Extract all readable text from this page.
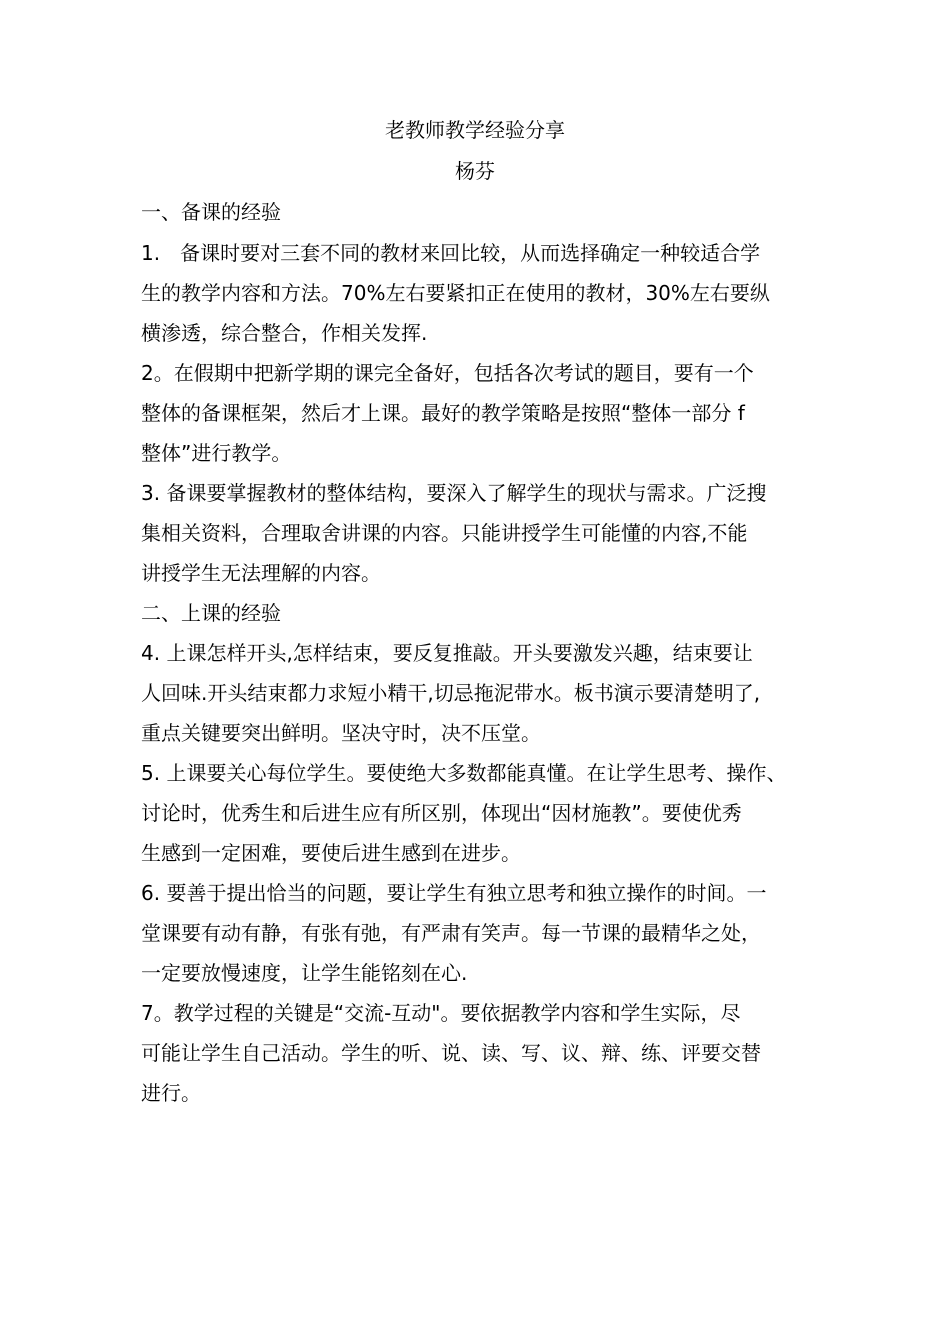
老教师教学经验分享
杨芬
一、备课的经验
1.　备课时要对三套不同的教材来回比较，从而选择确定一种较适合学
生的教学内容和方法。70%左右要紧扣正在使用的教材，30%左右要纵
横渗透，综合整合，作相关发挥.
2。在假期中把新学期的课完全备好，包括各次考试的题目，要有一个
整体的备课框架，然后才上课。最好的教学策略是按照“整体一部分 f
整体”进行教学。
3. 备课要掌握教材的整体结构，要深入了解学生的现状与需求。广泛搜
集相关资料，合理取舍讲课的内容。只能讲授学生可能懂的内容,不能
讲授学生无法理解的内容。
二、上课的经验
4. 上课怎样开头,怎样结束，要反复推敲。开头要激发兴趣，结束要让
人回味.开头结束都力求短小精干,切忌拖泥带水。板书演示要清楚明了,
重点关键要突出鲜明。坚决守时，决不压堂。
5. 上课要关心每位学生。要使绝大多数都能真懂。在让学生思考、操作、
讨论时，优秀生和后进生应有所区别，体现出“因材施教”。要使优秀
生感到一定困难，要使后进生感到在进步。
6. 要善于提出恰当的问题，要让学生有独立思考和独立操作的时间。一
堂课要有动有静，有张有弛，有严肃有笑声。每一节课的最精华之处，
一定要放慢速度，让学生能铭刻在心.
7。教学过程的关键是“交流-互动"。要依据教学内容和学生实际，尽
可能让学生自己活动。学生的听、说、读、写、议、辩、练、评要交替
进行。
